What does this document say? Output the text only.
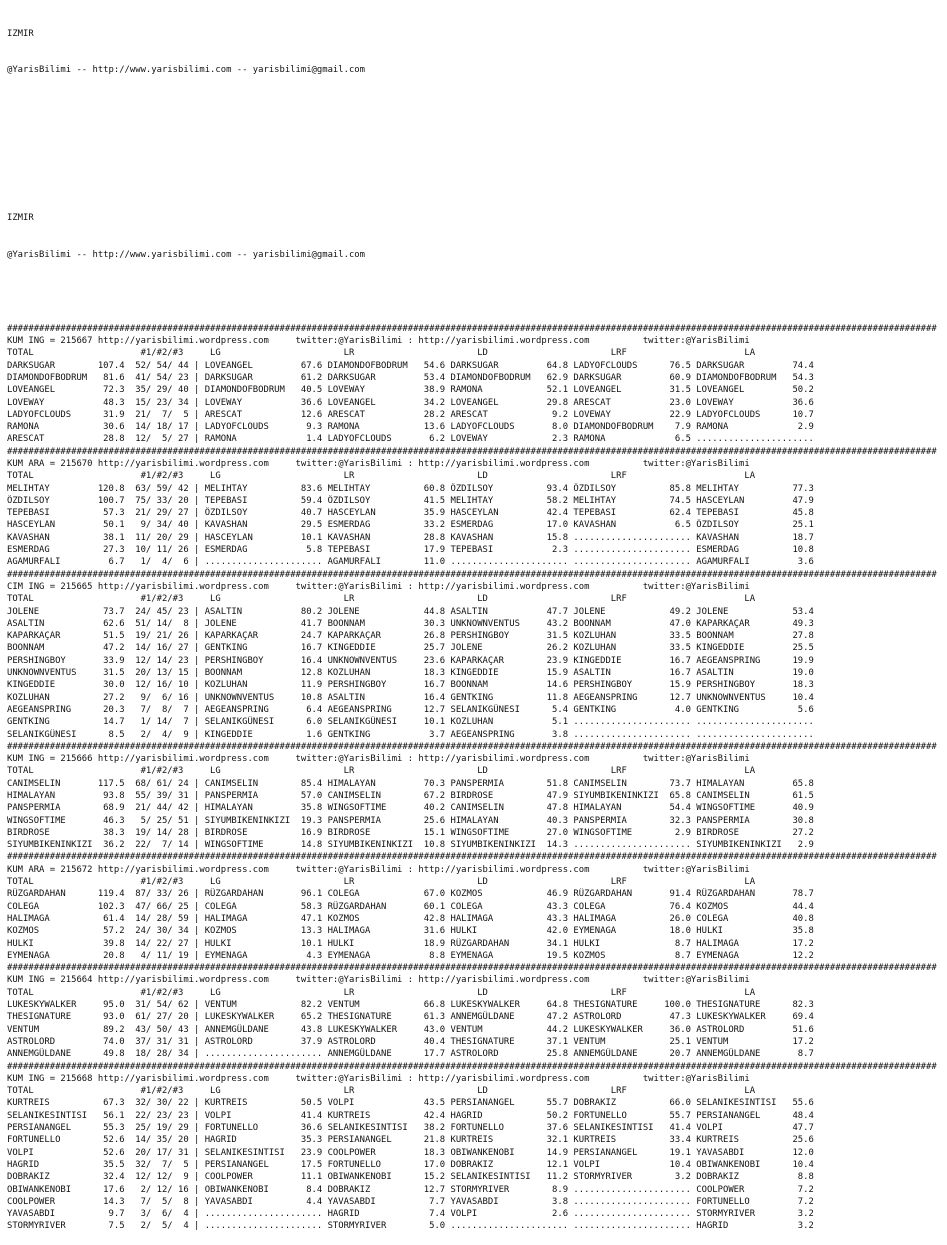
IZMIR

@YarisBilimi -- http://www.yarisbilimi.com -- yarisbilimi@gmail.com

IZMIR

@YarisBilimi -- http://www.yarisbilimi.com -- yarisbilimi@gmail.com

##############################################################################################################################################################################
KUM ING = 215667 http://yarisbilimi.wordpress.com     twitter:@YarisBilimi : http://yarisbilimi.wordpress.com          twitter:@YarisBilimi
TOTAL                    #1/#2/#3     LG                       LR                       LD                       LRF                      LA
DARKSUGAR        107.4  52/ 54/ 44 | LOVEANGEL         67.6 DIAMONDOFBODRUM   54.6 DARKSUGAR         64.8 LADYOFCLOUDS      76.5 DARKSUGAR         74.4
DIAMONDOFBODRUM   81.6  41/ 54/ 23 | DARKSUGAR         61.2 DARKSUGAR         53.4 DIAMONDOFBODRUM   62.9 DARKSUGAR         60.9 DIAMONDOFBODRUM   54.3
LOVEANGEL         72.3  35/ 29/ 40 | DIAMONDOFBODRUM   40.5 LOVEWAY           38.9 RAMONA            52.1 LOVEANGEL         31.5 LOVEANGEL         50.2
LOVEWAY           48.3  15/ 23/ 34 | LOVEWAY           36.6 LOVEANGEL         34.2 LOVEANGEL         29.8 ARESCAT           23.0 LOVEWAY           36.6
LADYOFCLOUDS      31.9  21/  7/  5 | ARESCAT           12.6 ARESCAT           28.2 ARESCAT            9.2 LOVEWAY           22.9 LADYOFCLOUDS      10.7
RAMONA            30.6  14/ 18/ 17 | LADYOFCLOUDS       9.3 RAMONA            13.6 LADYOFCLOUDS       8.0 DIAMONDOFBODRUM    7.9 RAMONA             2.9
ARESCAT           28.8  12/  5/ 27 | RAMONA             1.4 LADYOFCLOUDS       6.2 LOVEWAY            2.3 RAMONA             6.5 ......................
##############################################################################################################################################################################
KUM ARA = 215670 http://yarisbilimi.wordpress.com     twitter:@YarisBilimi : http://yarisbilimi.wordpress.com          twitter:@YarisBilimi
TOTAL                    #1/#2/#3     LG                       LR                       LD                       LRF                      LA
MELIHTAY         120.8  63/ 59/ 42 | MELIHTAY          83.6 MELIHTAY          60.8 ÖZDILSOY          93.4 ÖZDILSOY          85.8 MELIHTAY          77.3
ÖZDILSOY         100.7  75/ 33/ 20 | TEPEBASI          59.4 ÖZDILSOY          41.5 MELIHTAY          58.2 MELIHTAY          74.5 HASCEYLAN         47.9
TEPEBASI          57.3  21/ 29/ 27 | ÖZDILSOY          40.7 HASCEYLAN         35.9 HASCEYLAN         42.4 TEPEBASI          62.4 TEPEBASI          45.8
HASCEYLAN         50.1   9/ 34/ 40 | KAVASHAN          29.5 ESMERDAG          33.2 ESMERDAG          17.0 KAVASHAN           6.5 ÖZDILSOY          25.1
KAVASHAN          38.1  11/ 20/ 29 | HASCEYLAN         10.1 KAVASHAN          28.8 KAVASHAN          15.8 ...................... KAVASHAN          18.7
ESMERDAG          27.3  10/ 11/ 26 | ESMERDAG           5.8 TEPEBASI          17.9 TEPEBASI           2.3 ...................... ESMERDAG          10.8
AGAMURFALI         6.7   1/  4/  6 | ...................... AGAMURFALI        11.0 ...................... ...................... AGAMURFALI         3.6
##############################################################################################################################################################################
CIM ING = 215665 http://yarisbilimi.wordpress.com     twitter:@YarisBilimi : http://yarisbilimi.wordpress.com          twitter:@YarisBilimi
TOTAL                    #1/#2/#3     LG                       LR                       LD                       LRF                      LA
JOLENE            73.7  24/ 45/ 23 | ASALTIN           80.2 JOLENE            44.8 ASALTIN           47.7 JOLENE            49.2 JOLENE            53.4
ASALTIN           62.6  51/ 14/  8 | JOLENE            41.7 BOONNAM           30.3 UNKNOWNVENTUS     43.2 BOONNAM           47.0 KAPARKAÇAR        49.3
KAPARKAÇAR        51.5  19/ 21/ 26 | KAPARKAÇAR        24.7 KAPARKAÇAR        26.8 PERSHINGBOY       31.5 KOZLUHAN          33.5 BOONNAM           27.8
BOONNAM           47.2  14/ 16/ 27 | GENTKING          16.7 KINGEDDIE         25.7 JOLENE            26.2 KOZLUHAN          33.5 KINGEDDIE         25.5
PERSHINGBOY       33.9  12/ 14/ 23 | PERSHINGBOY       16.4 UNKNOWNVENTUS     23.6 KAPARKAÇAR        23.9 KINGEDDIE         16.7 AEGEANSPRING      19.9
UNKNOWNVENTUS     31.5  20/ 13/ 15 | BOONNAM           12.8 KOZLUHAN          18.3 KINGEDDIE         15.9 ASALTIN           16.7 ASALTIN           19.0
KINGEDDIE         30.0  12/ 16/ 10 | KOZLUHAN          11.9 PERSHINGBOY       16.7 BOONNAM           14.6 PERSHINGBOY       15.9 PERSHINGBOY       18.3
KOZLUHAN          27.2   9/  6/ 16 | UNKNOWNVENTUS     10.8 ASALTIN           16.4 GENTKING          11.8 AEGEANSPRING      12.7 UNKNOWNVENTUS     10.4
AEGEANSPRING      20.3   7/  8/  7 | AEGEANSPRING       6.4 AEGEANSPRING      12.7 SELANIKGÜNESI      5.4 GENTKING           4.0 GENTKING           5.6
GENTKING          14.7   1/ 14/  7 | SELANIKGÜNESI      6.0 SELANIKGÜNESI     10.1 KOZLUHAN           5.1 ...................... ......................
SELANIKGÜNESI      8.5   2/  4/  9 | KINGEDDIE          1.6 GENTKING           3.7 AEGEANSPRING       3.8 ...................... ......................
##############################################################################################################################################################################
KUM ING = 215666 http://yarisbilimi.wordpress.com     twitter:@YarisBilimi : http://yarisbilimi.wordpress.com          twitter:@YarisBilimi
TOTAL                    #1/#2/#3     LG                       LR                       LD                       LRF                      LA
CANIMSELIN       117.5  68/ 61/ 24 | CANIMSELIN        85.4 HIMALAYAN         70.3 PANSPERMIA        51.8 CANIMSELIN        73.7 HIMALAYAN         65.8
HIMALAYAN         93.8  55/ 39/ 31 | PANSPERMIA        57.0 CANIMSELIN        67.2 BIRDROSE          47.9 SIYUMBIKENINKIZI  65.8 CANIMSELIN        61.5
PANSPERMIA        68.9  21/ 44/ 42 | HIMALAYAN         35.8 WINGSOFTIME       40.2 CANIMSELIN        47.8 HIMALAYAN         54.4 WINGSOFTIME       40.9
WINGSOFTIME       46.3   5/ 25/ 51 | SIYUMBIKENINKIZI  19.3 PANSPERMIA        25.6 HIMALAYAN         40.3 PANSPERMIA        32.3 PANSPERMIA        30.8
BIRDROSE          38.3  19/ 14/ 28 | BIRDROSE          16.9 BIRDROSE          15.1 WINGSOFTIME       27.0 WINGSOFTIME        2.9 BIRDROSE          27.2
SIYUMBIKENINKIZI  36.2  22/  7/ 14 | WINGSOFTIME       14.8 SIYUMBIKENINKIZI  10.8 SIYUMBIKENINKIZI  14.3 ...................... SIYUMBIKENINKIZI   2.9
##############################################################################################################################################################################
KUM ARA = 215672 http://yarisbilimi.wordpress.com     twitter:@YarisBilimi : http://yarisbilimi.wordpress.com          twitter:@YarisBilimi
TOTAL                    #1/#2/#3     LG                       LR                       LD                       LRF                      LA
RÜZGARDAHAN      119.4  87/ 33/ 26 | RÜZGARDAHAN       96.1 COLEGA            67.0 KOZMOS            46.9 RÜZGARDAHAN       91.4 RÜZGARDAHAN       78.7
COLEGA           102.3  47/ 66/ 25 | COLEGA            58.3 RÜZGARDAHAN       60.1 COLEGA            43.3 COLEGA            76.4 KOZMOS            44.4
HALIMAGA          61.4  14/ 28/ 59 | HALIMAGA          47.1 KOZMOS            42.8 HALIMAGA          43.3 HALIMAGA          26.0 COLEGA            40.8
KOZMOS            57.2  24/ 30/ 34 | KOZMOS            13.3 HALIMAGA          31.6 HULKI             42.0 EYMENAGA          18.0 HULKI             35.8
HULKI             39.8  14/ 22/ 27 | HULKI             10.1 HULKI             18.9 RÜZGARDAHAN       34.1 HULKI              8.7 HALIMAGA          17.2
EYMENAGA          20.8   4/ 11/ 19 | EYMENAGA           4.3 EYMENAGA           8.8 EYMENAGA          19.5 KOZMOS             8.7 EYMENAGA          12.2
##############################################################################################################################################################################
KUM ING = 215664 http://yarisbilimi.wordpress.com     twitter:@YarisBilimi : http://yarisbilimi.wordpress.com          twitter:@YarisBilimi
TOTAL                    #1/#2/#3     LG                       LR                       LD                       LRF                      LA
LUKESKYWALKER     95.0  31/ 54/ 62 | VENTUM            82.2 VENTUM            66.8 LUKESKYWALKER     64.8 THESIGNATURE     100.0 THESIGNATURE      82.3
THESIGNATURE      93.0  61/ 27/ 20 | LUKESKYWALKER     65.2 THESIGNATURE      61.3 ANNEMGÜLDANE      47.2 ASTROLORD         47.3 LUKESKYWALKER     69.4
VENTUM            89.2  43/ 50/ 43 | ANNEMGÜLDANE      43.8 LUKESKYWALKER     43.0 VENTUM            44.2 LUKESKYWALKER     36.0 ASTROLORD         51.6
ASTROLORD         74.0  37/ 31/ 31 | ASTROLORD         37.9 ASTROLORD         40.4 THESIGNATURE      37.1 VENTUM            25.1 VENTUM            17.2
ANNEMGÜLDANE      49.8  18/ 28/ 34 | ...................... ANNEMGÜLDANE      17.7 ASTROLORD         25.8 ANNEMGÜLDANE      20.7 ANNEMGÜLDANE       8.7
##############################################################################################################################################################################
KUM ING = 215668 http://yarisbilimi.wordpress.com     twitter:@YarisBilimi : http://yarisbilimi.wordpress.com          twitter:@YarisBilimi
TOTAL                    #1/#2/#3     LG                       LR                       LD                       LRF                      LA
KURTREIS          67.3  32/ 30/ 22 | KURTREIS          50.5 VOLPI             43.5 PERSIANANGEL      55.7 DOBRAKIZ          66.0 SELANIKESINTISI   55.6
SELANIKESINTISI   56.1  22/ 23/ 23 | VOLPI             41.4 KURTREIS          42.4 HAGRID            50.2 FORTUNELLO        55.7 PERSIANANGEL      48.4
PERSIANANGEL      55.3  25/ 19/ 29 | FORTUNELLO        36.6 SELANIKESINTISI   38.2 FORTUNELLO        37.6 SELANIKESINTISI   41.4 VOLPI             47.7
FORTUNELLO        52.6  14/ 35/ 20 | HAGRID            35.3 PERSIANANGEL      21.8 KURTREIS          32.1 KURTREIS          33.4 KURTREIS          25.6
VOLPI             52.6  20/ 17/ 31 | SELANIKESINTISI   23.9 COOLPOWER         18.3 OBIWANKENOBI      14.9 PERSIANANGEL      19.1 YAVASABDI         12.0
HAGRID            35.5  32/  7/  5 | PERSIANANGEL      17.5 FORTUNELLO        17.0 DOBRAKIZ          12.1 VOLPI             10.4 OBIWANKENOBI      10.4
DOBRAKIZ          32.4  12/ 12/  9 | COOLPOWER         11.1 OBIWANKENOBI      15.2 SELANIKESINTISI   11.2 STORMYRIVER        3.2 DOBRAKIZ           8.8
OBIWANKENOBI      17.6   2/ 12/ 16 | OBIWANKENOBI       8.4 DOBRAKIZ          12.7 STORMYRIVER        8.9 ...................... COOLPOWER          7.2
COOLPOWER         14.3   7/  5/  8 | YAVASABDI          4.4 YAVASABDI          7.7 YAVASABDI          3.8 ...................... FORTUNELLO         7.2
YAVASABDI          9.7   3/  6/  4 | ...................... HAGRID             7.4 VOLPI              2.6 ...................... STORMYRIVER        3.2
STORMYRIVER        7.5   2/  5/  4 | ...................... STORMYRIVER        5.0 ...................... ...................... HAGRID             3.2
